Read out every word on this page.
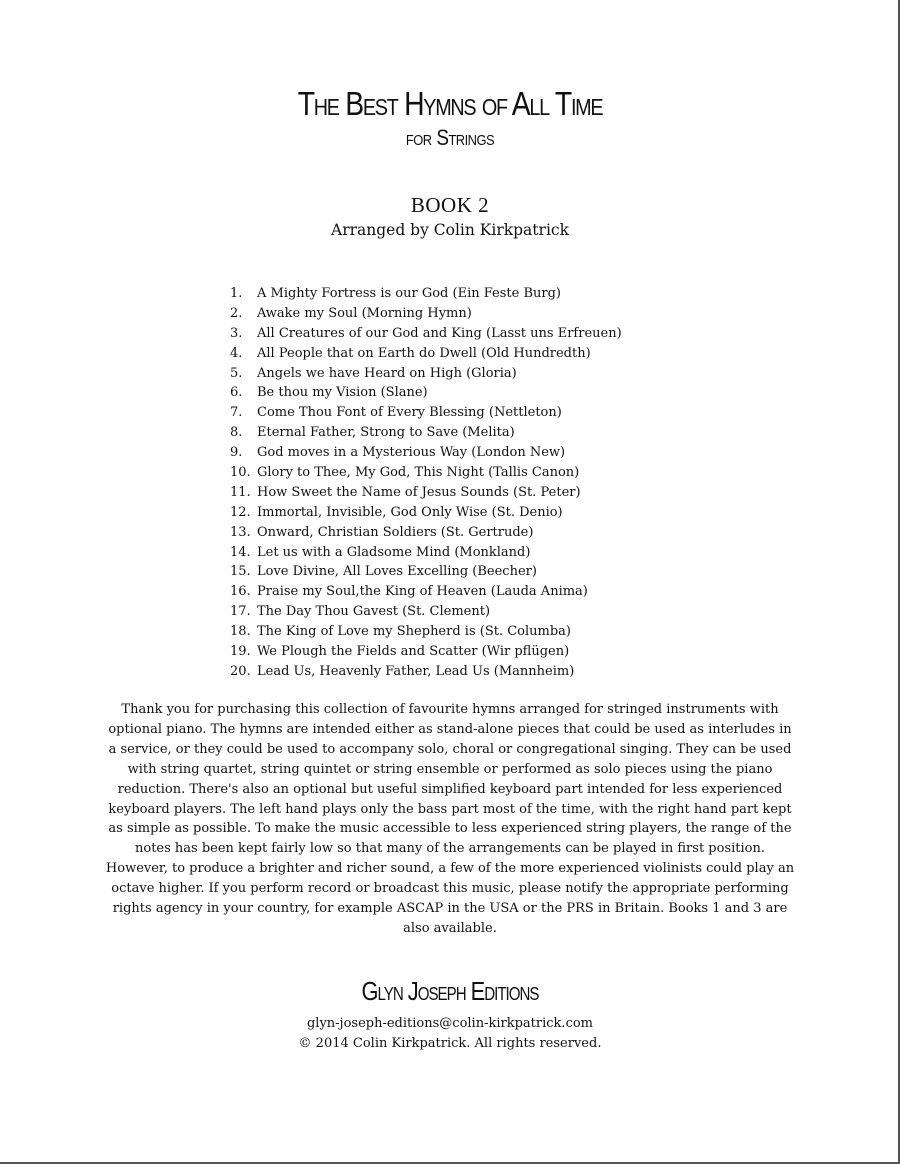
The Best Hymns of All Time
for Strings
BOOK 2
Arranged by Colin Kirkpatrick
1.	A Mighty Fortress is our God (Ein Feste Burg)
2.	Awake my Soul (Morning Hymn)
3.	All Creatures of our God and King (Lasst uns Erfreuen)
4.	All People that on Earth do Dwell (Old Hundredth)
5.	Angels we have Heard on High (Gloria)
6.	Be thou my Vision (Slane)
7.	Come Thou Font of Every Blessing (Nettleton)
8.	Eternal Father, Strong to Save (Melita)
9.	God moves in a Mysterious Way (London New)
10. Glory to Thee, My God, This Night (Tallis Canon)
11. How Sweet the Name of Jesus Sounds (St. Peter)
12. Immortal, Invisible, God Only Wise (St. Denio)
13. Onward, Christian Soldiers (St. Gertrude)
14. Let us with a Gladsome Mind (Monkland)
15. Love Divine, All Loves Excelling (Beecher)
16. Praise my Soul,the King of Heaven (Lauda Anima)
17. The Day Thou Gavest (St. Clement)
18. The King of Love my Shepherd is (St. Columba)
19. We Plough the Fields and Scatter (Wir pflügen)
20. Lead Us, Heavenly Father, Lead Us (Mannheim)

Thank you for purchasing this collection of favourite hymns arranged for stringed instruments with optional piano. The hymns are intended either as stand-alone pieces that could be used as interludes in a service, or they could be used to accompany solo, choral or congregational singing. They can be used with string quartet, string quintet or string ensemble or performed as solo pieces using the piano reduction. There's also an optional but useful simplified keyboard part intended for less experienced keyboard players. The left hand plays only the bass part most of the time, with the right hand part kept as simple as possible. To make the music accessible to less experienced string players, the range of the notes has been kept fairly low so that many of the arrangements can be played in first position. However, to produce a brighter and richer sound, a few of the more experienced violinists could play an octave higher. If you perform record or broadcast this music, please notify the appropriate performing rights agency in your country, for example ASCAP in the USA or the PRS in Britain. Books 1 and 3 are also available.

Glyn Joseph Editions
glyn-joseph-editions@colin-kirkpatrick.com
© 2014 Colin Kirkpatrick. All rights reserved.
